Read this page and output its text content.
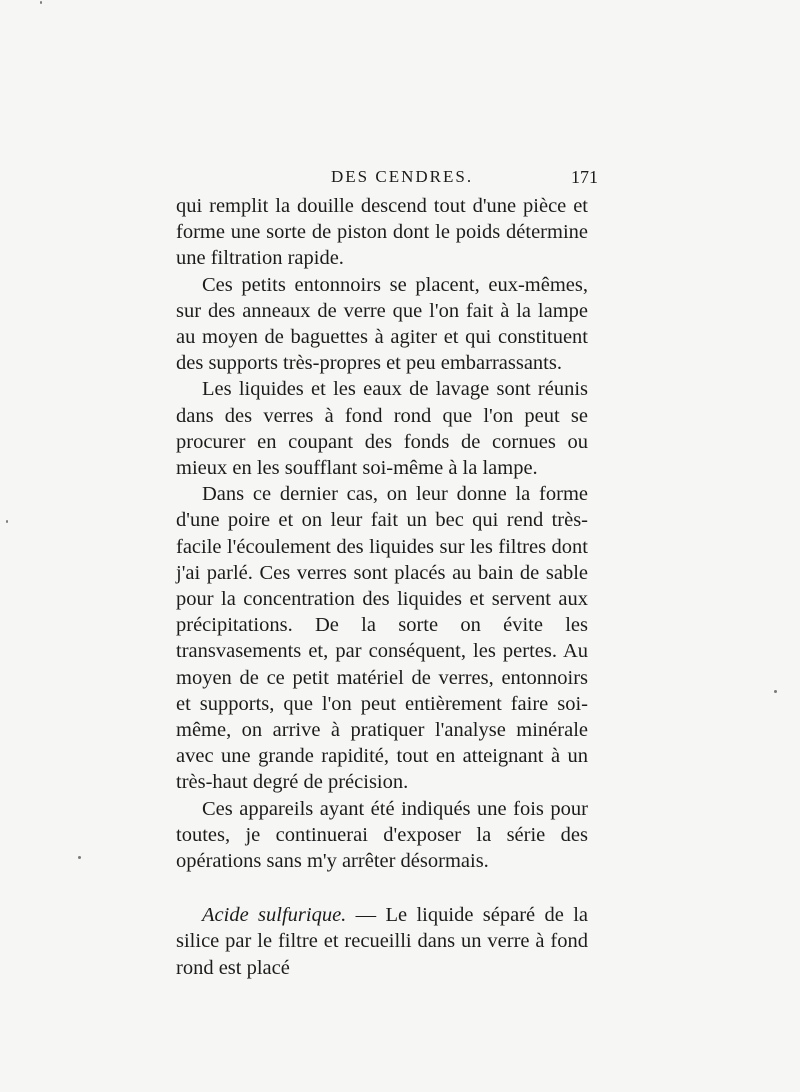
DES CENDRES.	171

qui remplit la douille descend tout d'une pièce et forme une sorte de piston dont le poids détermine une filtration rapide.

Ces petits entonnoirs se placent, eux-mêmes, sur des anneaux de verre que l'on fait à la lampe au moyen de baguettes à agiter et qui constituent des supports très-propres et peu embarrassants.

Les liquides et les eaux de lavage sont réunis dans des verres à fond rond que l'on peut se procurer en coupant des fonds de cornues ou mieux en les soufflant soi-même à la lampe.

Dans ce dernier cas, on leur donne la forme d'une poire et on leur fait un bec qui rend très-facile l'écoulement des liquides sur les filtres dont j'ai parlé. Ces verres sont placés au bain de sable pour la concentration des liquides et servent aux précipitations. De la sorte on évite les transvasements et, par conséquent, les pertes. Au moyen de ce petit matériel de verres, entonnoirs et supports, que l'on peut entièrement faire soi-même, on arrive à pratiquer l'analyse minérale avec une grande rapidité, tout en atteignant à un très-haut degré de précision.

Ces appareils ayant été indiqués une fois pour toutes, je continuerai d'exposer la série des opérations sans m'y arrêter désormais.

Acide sulfurique. — Le liquide séparé de la silice par le filtre et recueilli dans un verre à fond rond est placé
